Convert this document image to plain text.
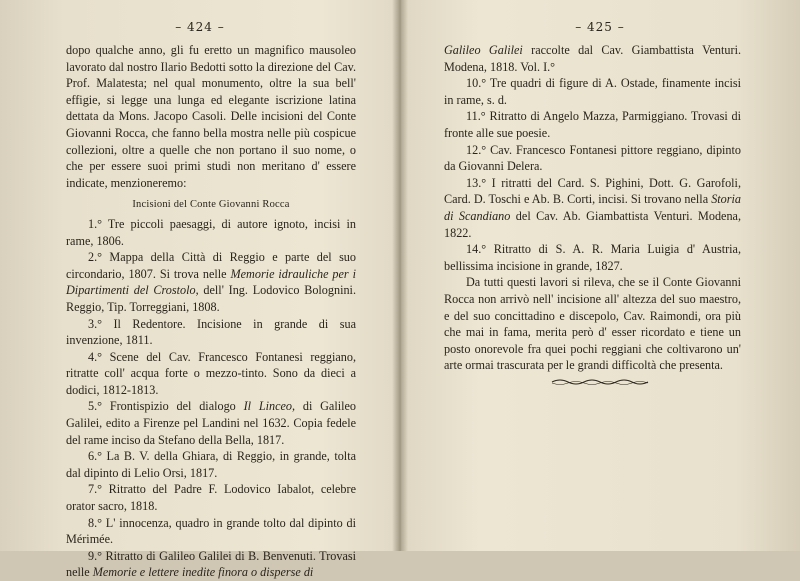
– 424 –

dopo qualche anno, gli fu eretto un magnifico mausoleo lavorato dal nostro Ilario Bedotti sotto la direzione del Cav. Prof. Malatesta; nel qual monumento, oltre la sua bell' effigie, si legge una lunga ed elegante iscrizione latina dettata da Mons. Jacopo Casoli. Delle incisioni del Conte Giovanni Rocca, che fanno bella mostra nelle più cospicue collezioni, oltre a quelle che non portano il suo nome, o che per essere suoi primi studi non meritano d' essere indicate, menzioneremo:

Incisioni del Conte Giovanni Rocca

1.° Tre piccoli paesaggi, di autore ignoto, incisi in rame, 1806.

2.° Mappa della Città di Reggio e parte del suo circondario, 1807. Si trova nelle Memorie idrauliche per i Dipartimenti del Crostolo, dell' Ing. Lodovico Bolognini. Reggio, Tip. Torreggiani, 1808.

3.° Il Redentore. Incisione in grande di sua invenzione, 1811.

4.° Scene del Cav. Francesco Fontanesi reggiano, ritratte coll' acqua forte o mezzo-tinto. Sono da dieci a dodici, 1812-1813.

5.° Frontispizio del dialogo Il Linceo, di Galileo Galilei, edito a Firenze pel Landini nel 1632. Copia fedele del rame inciso da Stefano della Bella, 1817.

6.° La B. V. della Ghiara, di Reggio, in grande, tolta dal dipinto di Lelio Orsi, 1817.

7.° Ritratto del Padre F. Lodovico Iabalot, celebre orator sacro, 1818.

8.° L' innocenza, quadro in grande tolto dal dipinto di Mérimée.

9.° Ritratto di Galileo Galilei di B. Benvenuti. Trovasi nelle Memorie e lettere inedite finora o disperse di

– 425 –

Galileo Galilei raccolte dal Cav. Giambattista Venturi. Modena, 1818. Vol. I.°

10.° Tre quadri di figure di A. Ostade, finamente incisi in rame, s. d.

11.° Ritratto di Angelo Mazza, Parmiggiano. Trovasi di fronte alle sue poesie.

12.° Cav. Francesco Fontanesi pittore reggiano, dipinto da Giovanni Delera.

13.° I ritratti del Card. S. Pighini, Dott. G. Garofoli, Card. D. Toschi e Ab. B. Corti, incisi. Si trovano nella Storia di Scandiano del Cav. Ab. Giambattista Venturi. Modena, 1822.

14.° Ritratto di S. A. R. Maria Luigia d' Austria, bellissima incisione in grande, 1827.

Da tutti questi lavori si rileva, che se il Conte Giovanni Rocca non arrivò nell' incisione all' altezza del suo maestro, e del suo concittadino e discepolo, Cav. Raimondi, ora più che mai in fama, merita però d' esser ricordato e tiene un posto onorevole fra quei pochi reggiani che coltivarono un' arte ormai trascurata per le grandi difficoltà che presenta.
